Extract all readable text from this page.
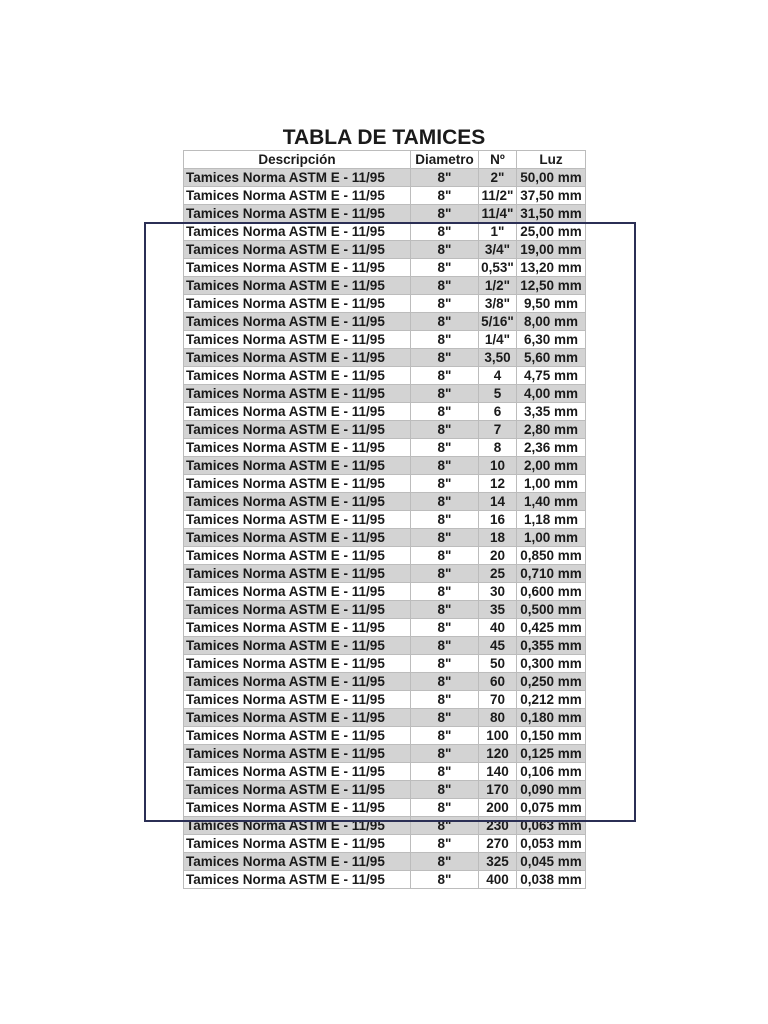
TABLA DE TAMICES
Descripción	Diametro	Nº	Luz
Tamices Norma ASTM E - 11/95	8"	2"	50,00 mm
Tamices Norma ASTM E - 11/95	8"	11/2"	37,50 mm
Tamices Norma ASTM E - 11/95	8"	11/4"	31,50 mm
Tamices Norma ASTM E - 11/95	8"	1"	25,00 mm
Tamices Norma ASTM E - 11/95	8"	3/4"	19,00 mm
Tamices Norma ASTM E - 11/95	8"	0,53"	13,20 mm
Tamices Norma ASTM E - 11/95	8"	1/2"	12,50 mm
Tamices Norma ASTM E - 11/95	8"	3/8"	9,50 mm
Tamices Norma ASTM E - 11/95	8"	5/16"	8,00 mm
Tamices Norma ASTM E - 11/95	8"	1/4"	6,30 mm
Tamices Norma ASTM E - 11/95	8"	3,50	5,60 mm
Tamices Norma ASTM E - 11/95	8"	4	4,75 mm
Tamices Norma ASTM E - 11/95	8"	5	4,00 mm
Tamices Norma ASTM E - 11/95	8"	6	3,35 mm
Tamices Norma ASTM E - 11/95	8"	7	2,80 mm
Tamices Norma ASTM E - 11/95	8"	8	2,36 mm
Tamices Norma ASTM E - 11/95	8"	10	2,00 mm
Tamices Norma ASTM E - 11/95	8"	12	1,00 mm
Tamices Norma ASTM E - 11/95	8"	14	1,40 mm
Tamices Norma ASTM E - 11/95	8"	16	1,18 mm
Tamices Norma ASTM E - 11/95	8"	18	1,00 mm
Tamices Norma ASTM E - 11/95	8"	20	0,850 mm
Tamices Norma ASTM E - 11/95	8"	25	0,710 mm
Tamices Norma ASTM E - 11/95	8"	30	0,600 mm
Tamices Norma ASTM E - 11/95	8"	35	0,500 mm
Tamices Norma ASTM E - 11/95	8"	40	0,425 mm
Tamices Norma ASTM E - 11/95	8"	45	0,355 mm
Tamices Norma ASTM E - 11/95	8"	50	0,300 mm
Tamices Norma ASTM E - 11/95	8"	60	0,250 mm
Tamices Norma ASTM E - 11/95	8"	70	0,212 mm
Tamices Norma ASTM E - 11/95	8"	80	0,180 mm
Tamices Norma ASTM E - 11/95	8"	100	0,150 mm
Tamices Norma ASTM E - 11/95	8"	120	0,125 mm
Tamices Norma ASTM E - 11/95	8"	140	0,106 mm
Tamices Norma ASTM E - 11/95	8"	170	0,090 mm
Tamices Norma ASTM E - 11/95	8"	200	0,075 mm
Tamices Norma ASTM E - 11/95	8"	230	0,063 mm
Tamices Norma ASTM E - 11/95	8"	270	0,053 mm
Tamices Norma ASTM E - 11/95	8"	325	0,045 mm
Tamices Norma ASTM E - 11/95	8"	400	0,038 mm
